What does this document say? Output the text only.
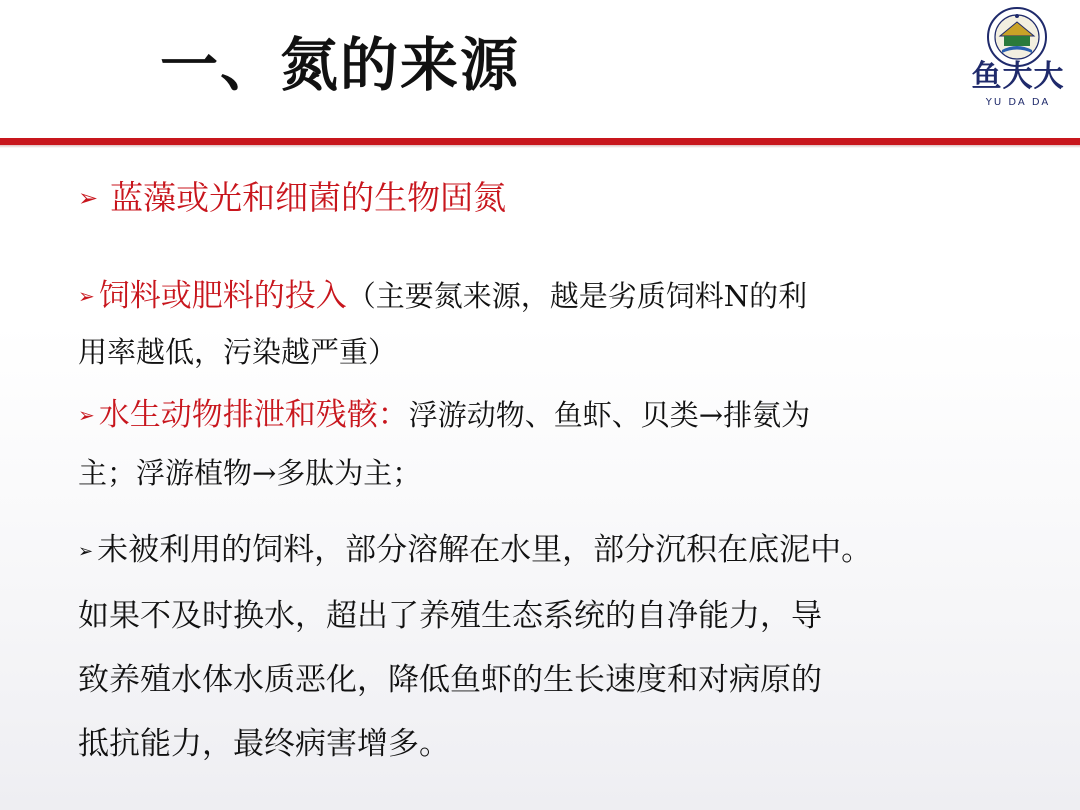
一、氮的来源	鱼大大
YU DA DA
➢ 蓝藻或光和细菌的生物固氮
➢ 饲料或肥料的投入（主要氮来源，越是劣质饲料N的利
用率越低，污染越严重）
➢ 水生动物排泄和残骸：浮游动物、鱼虾、贝类→排氨为
主；浮游植物→多肽为主；
➢ 未被利用的饲料，部分溶解在水里，部分沉积在底泥中。
如果不及时换水，超出了养殖生态系统的自净能力，导
致养殖水体水质恶化，降低鱼虾的生长速度和对病原的
抵抗能力，最终病害增多。
